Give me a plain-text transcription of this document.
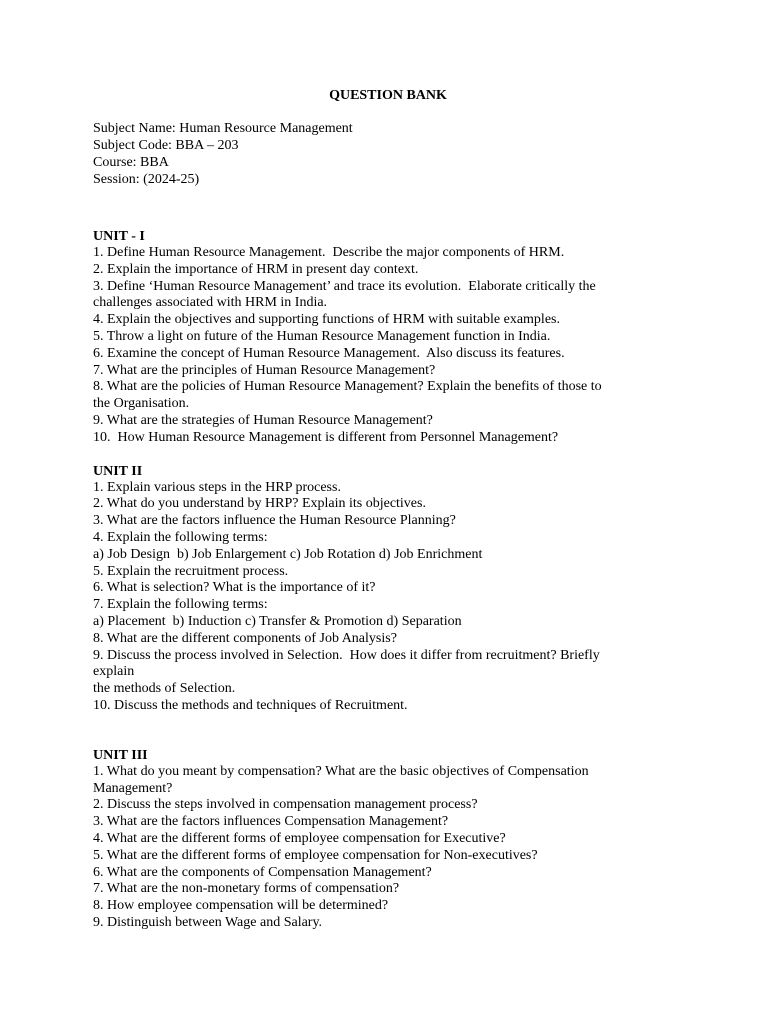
QUESTION BANK
Subject Name: Human Resource Management
Subject Code: BBA – 203
Course: BBA
Session: (2024-25)
UNIT - I
1. Define Human Resource Management.  Describe the major components of HRM.
2. Explain the importance of HRM in present day context.
3. Define ‘Human Resource Management’ and trace its evolution.  Elaborate critically the
challenges associated with HRM in India.
4. Explain the objectives and supporting functions of HRM with suitable examples.
5. Throw a light on future of the Human Resource Management function in India.
6. Examine the concept of Human Resource Management.  Also discuss its features.
7. What are the principles of Human Resource Management?
8. What are the policies of Human Resource Management? Explain the benefits of those to
the Organisation.
9. What are the strategies of Human Resource Management?
10.  How Human Resource Management is different from Personnel Management?
UNIT II
1. Explain various steps in the HRP process.
2. What do you understand by HRP? Explain its objectives.
3. What are the factors influence the Human Resource Planning?
4. Explain the following terms:
a) Job Design  b) Job Enlargement c) Job Rotation d) Job Enrichment
5. Explain the recruitment process.
6. What is selection? What is the importance of it?
7. Explain the following terms:
a) Placement  b) Induction c) Transfer & Promotion d) Separation
8. What are the different components of Job Analysis?
9. Discuss the process involved in Selection.  How does it differ from recruitment? Briefly
explain
the methods of Selection.
10. Discuss the methods and techniques of Recruitment.
UNIT III
1. What do you meant by compensation? What are the basic objectives of Compensation
Management?
2. Discuss the steps involved in compensation management process?
3. What are the factors influences Compensation Management?
4. What are the different forms of employee compensation for Executive?
5. What are the different forms of employee compensation for Non-executives?
6. What are the components of Compensation Management?
7. What are the non-monetary forms of compensation?
8. How employee compensation will be determined?
9. Distinguish between Wage and Salary.
